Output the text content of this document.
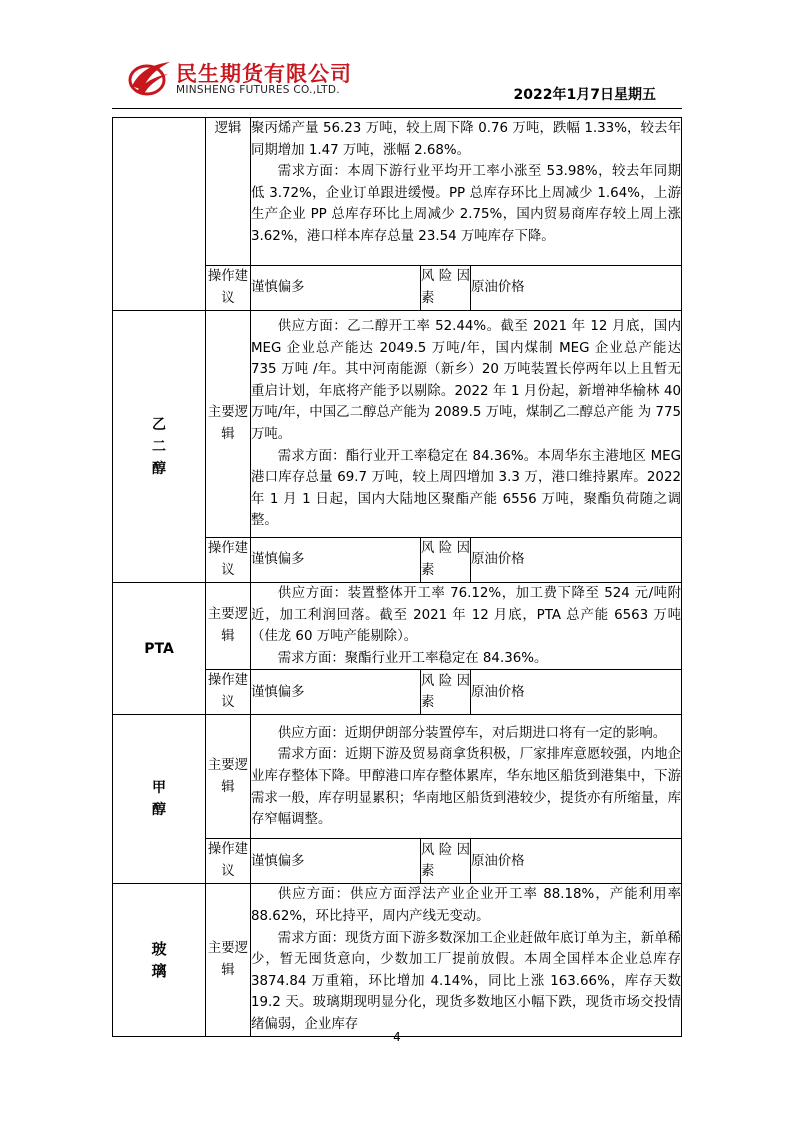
民生期货有限公司
MINSHENG FUTURES CO.,LTD.	2022年1月7日星期五
	逻辑	聚丙烯产量 56.23 万吨，较上周下降 0.76 万吨，跌幅 1.33%，较去年同期增加 1.47 万吨，涨幅 2.68%。

需求方面：本周下游行业平均开工率小涨至 53.98%，较去年同期低 3.72%，企业订单跟进缓慢。PP 总库存环比上周减少 1.64%，上游生产企业 PP 总库存环比上周减少 2.75%，国内贸易商库存较上周上涨 3.62%，港口样本库存总量 23.54 万吨库存下降。		

	操作建议	谨慎偏多	风险因素	原油价格
乙二醇	主要逻辑	供应方面：乙二醇开工率 52.44%。截至 2021 年 12 月底，国内 MEG 企业总产能达 2049.5 万吨/年，国内煤制 MEG 企业总产能达 735 万吨 /年。其中河南能源（新乡）20 万吨装置长停两年以上且暂无重启计划，年底将产能予以剔除。2022 年 1 月份起，新增神华榆林 40 万吨/年，中国乙二醇总产能为 2089.5 万吨，煤制乙二醇总产能 为 775 万吨。

需求方面：酯行业开工率稳定在 84.36%。本周华东主港地区 MEG 港口库存总量 69.7 万吨，较上周四增加 3.3 万，港口维持累库。2022 年 1 月 1 日起，国内大陆地区聚酯产能 6556 万吨，聚酯负荷随之调整。		

	操作建议	谨慎偏多	风险因素	原油价格
PTA	主要逻辑	供应方面：装置整体开工率 76.12%，加工费下降至 524 元/吨附近，加工利润回落。截至 2021 年 12 月底，PTA 总产能 6563 万吨（佳龙 60 万吨产能剔除）。

需求方面：聚酯行业开工率稳定在 84.36%。		

	操作建议	谨慎偏多	风险因素	原油价格
甲醇	主要逻辑	供应方面：近期伊朗部分装置停车，对后期进口将有一定的影响。

需求方面：近期下游及贸易商拿货积极，厂家排库意愿较强，内地企业库存整体下降。甲醇港口库存整体累库，华东地区船货到港集中，下游需求一般，库存明显累积；华南地区船货到港较少，提货亦有所缩量，库存窄幅调整。		

	操作建议	谨慎偏多	风险因素	原油价格
玻璃	主要逻辑	供应方面：供应方面浮法产业企业开工率 88.18%，产能利用率 88.62%，环比持平，周内产线无变动。

需求方面：现货方面下游多数深加工企业赶做年底订单为主，新单稀少，暂无囤货意向，少数加工厂提前放假。本周全国样本企业总库存 3874.84 万重箱，环比增加 4.14%，同比上涨 163.66%，库存天数 19.2 天。玻璃期现明显分化，现货多数地区小幅下跌，现货市场交投情绪偏弱，企业库存		

4
